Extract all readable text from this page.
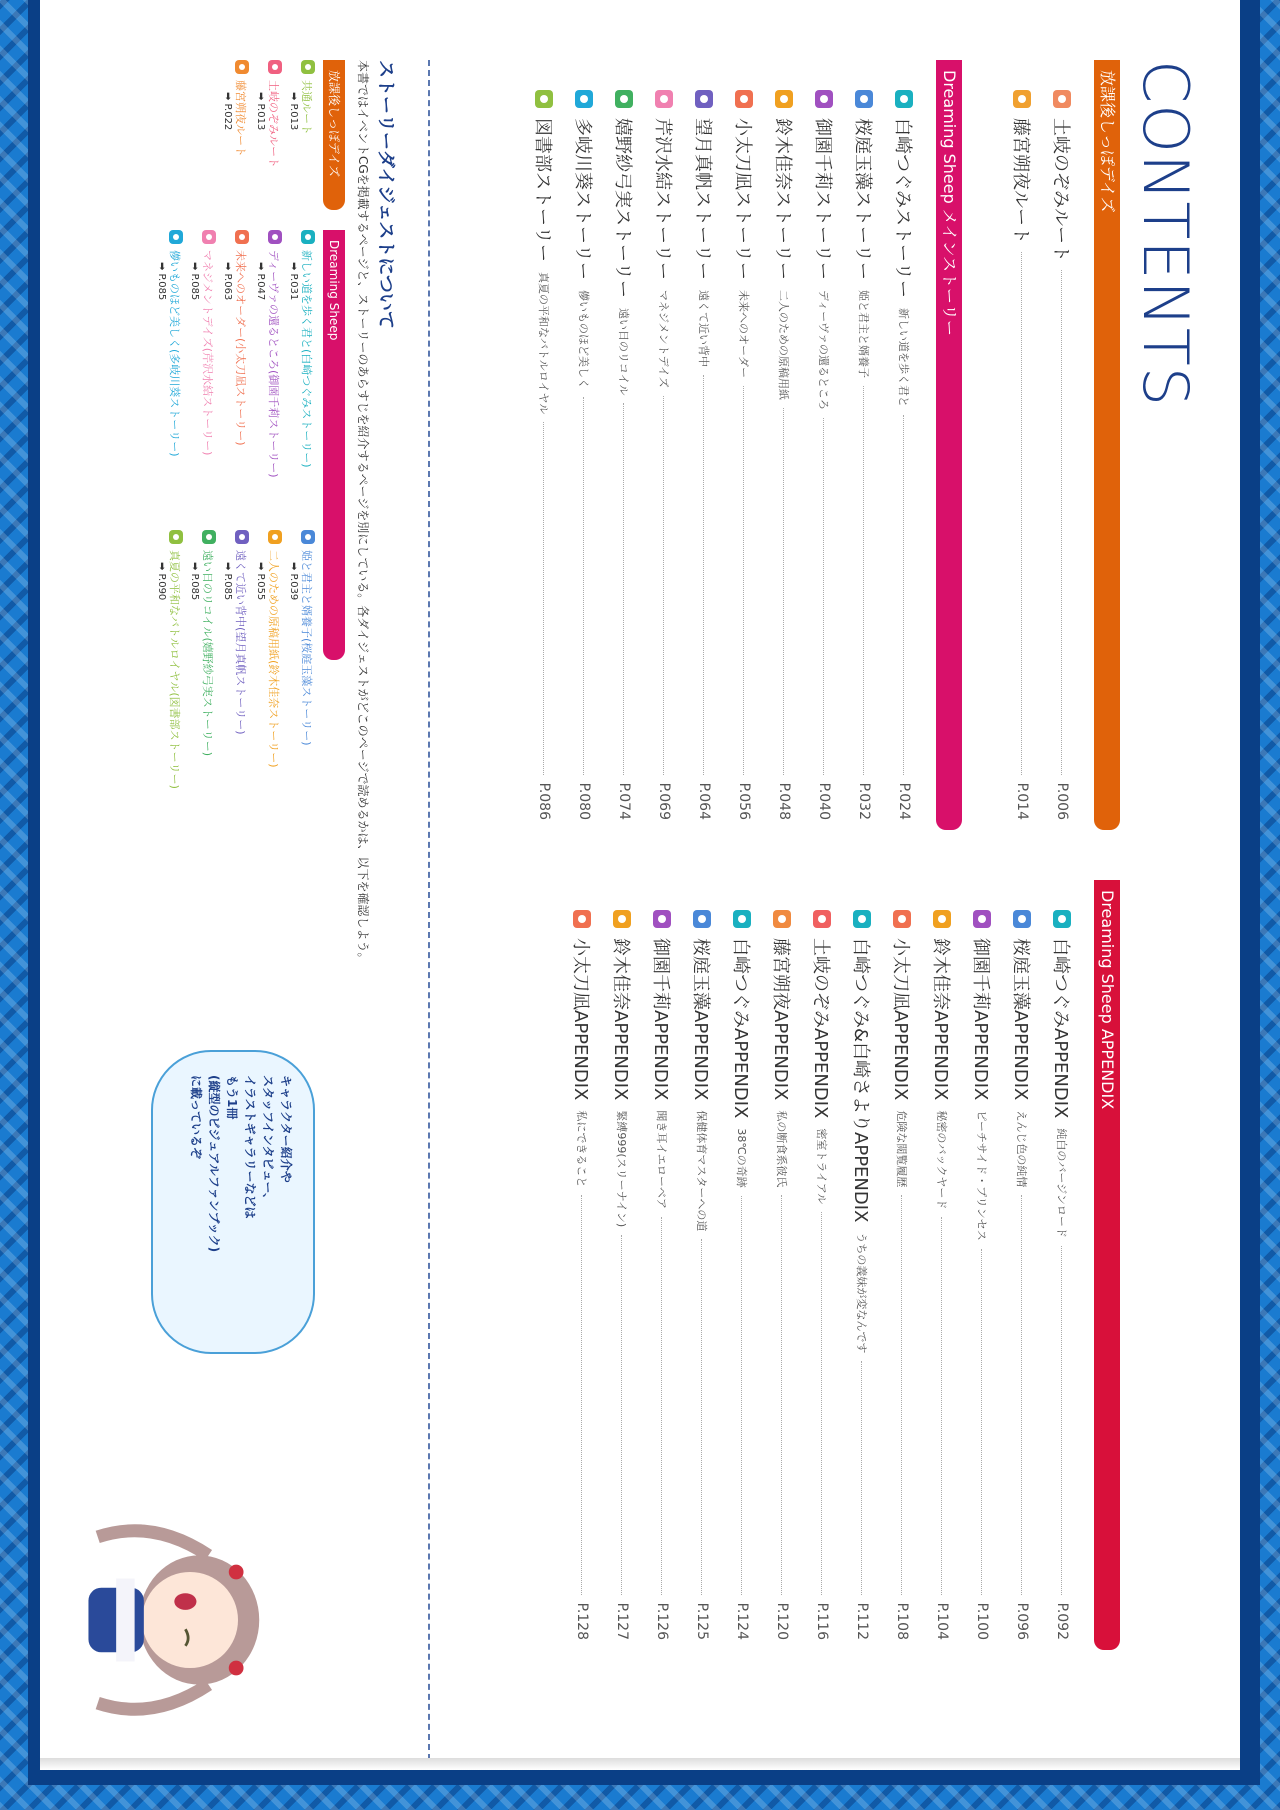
CONTENTS
放課後しっぽデイズ
土岐のぞみルート
P.006
藤宮朔夜ルート
P.014
Dreaming Sheep メインストーリー
白崎つぐみストーリー
新しい道を歩く君と
P.024
桜庭玉藻ストーリー
姫と君主と婿養子
P.032
御園千莉ストーリー
ディーヴァの還るところ
P.040
鈴木佳奈ストーリー
二人のための原稿用紙
P.048
小太刀凪ストーリー
未来へのオーダー
P.056
望月真帆ストーリー
遠くて近い背中
P.064
芹沢水結ストーリー
マネジメントデイズ
P.069
嬉野紗弓実ストーリー
遠い日のリコイル
P.074
多岐川葵ストーリー
儚いものほど美しく
P.080
図書部ストーリー
真夏の平和なバトルロイヤル
P.086
Dreaming Sheep APPENDIX
白崎つぐみAPPENDIX
純白のバージンロード
P.092
桜庭玉藻APPENDIX
えんじ色の純情
P.096
御園千莉APPENDIX
ピーチサイド・プリンセス
P.100
鈴木佳奈APPENDIX
秘密のバックヤード
P.104
小太刀凪APPENDIX
危険な閲覧履歴
P.108
白崎つぐみ&白崎さよりAPPENDIX
うちの義妹が変なんです
P.112
土岐のぞみAPPENDIX
密室トライアル
P.116
藤宮朔夜APPENDIX
私の断食系彼氏
P.120
白崎つぐみAPPENDIX
38℃の奇跡
P.124
桜庭玉藻APPENDIX
保健体育マスターへの道
P.125
御園千莉APPENDIX
聞き耳イエローベア
P.126
鈴木佳奈APPENDIX
緊縛999(スリーナイン)
P.127
小太刀凪APPENDIX
私にできること
P.128
ストーリーダイジェストについて
本書ではイベントCGを掲載するページと、ストーリーのあらすじを紹介するページを別にしている。各ダイジェストがどこのページで読めるかは、以下を確認しよう。
放課後しっぽデイズ
共通ルート
➡ P.013
土岐のぞみルート
➡ P.013
藤宮朔夜ルート
➡ P.022
Dreaming Sheep
新しい道を歩く君と(白崎つぐみストーリー)
➡ P.031
姫と君主と婿養子(桜庭玉藻ストーリー)
➡ P.039
ディーヴァの還るところ(御園千莉ストーリー)
➡ P.047
二人のための原稿用紙(鈴木佳奈ストーリー)
➡ P.055
未来へのオーダー(小太刀凪ストーリー)
➡ P.063
遠くて近い背中(望月真帆ストーリー)
➡ P.085
マネジメントデイズ(芹沢水結ストーリー)
➡ P.085
遠い日のリコイル(嬉野紗弓実ストーリー)
➡ P.085
儚いものほど美しく(多岐川葵ストーリー)
➡ P.085
真夏の平和なバトルロイヤル(図書部ストーリー)
➡ P.090
キャラクター紹介や
スタッフインタビュー、
イラストギャラリーなどは
もう1冊
(縦型のビジュアルファンブック)
に載っているぞ
